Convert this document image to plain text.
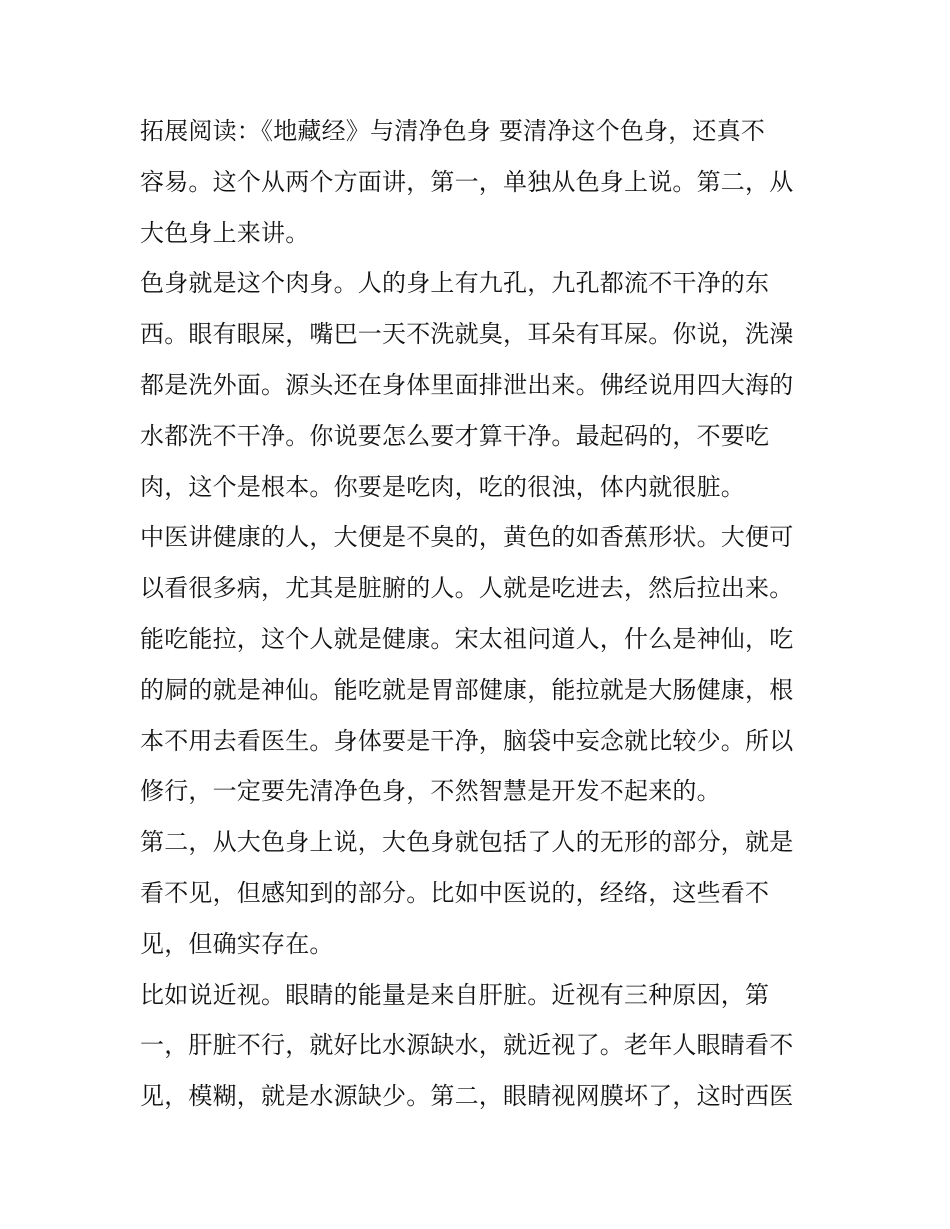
拓展阅读：《地藏经》与清净色身 要清净这个色身，还真不
容易。这个从两个方面讲，第一，单独从色身上说。第二，从
大色身上来讲。
色身就是这个肉身。人的身上有九孔，九孔都流不干净的东
西。眼有眼屎，嘴巴一天不洗就臭，耳朵有耳屎。你说，洗澡
都是洗外面。源头还在身体里面排泄出来。佛经说用四大海的
水都洗不干净。你说要怎么要才算干净。最起码的，不要吃
肉，这个是根本。你要是吃肉，吃的很浊，体内就很脏。
中医讲健康的人，大便是不臭的，黄色的如香蕉形状。大便可
以看很多病，尤其是脏腑的人。人就是吃进去，然后拉出来。
能吃能拉，这个人就是健康。宋太祖问道人，什么是神仙，吃
的屙的就是神仙。能吃就是胃部健康，能拉就是大肠健康，根
本不用去看医生。身体要是干净，脑袋中妄念就比较少。所以
修行，一定要先清净色身，不然智慧是开发不起来的。
第二，从大色身上说，大色身就包括了人的无形的部分，就是
看不见，但感知到的部分。比如中医说的，经络，这些看不
见，但确实存在。
比如说近视。眼睛的能量是来自肝脏。近视有三种原因，第
一，肝脏不行，就好比水源缺水，就近视了。老年人眼睛看不
见，模糊，就是水源缺少。第二，眼睛视网膜坏了，这时西医
